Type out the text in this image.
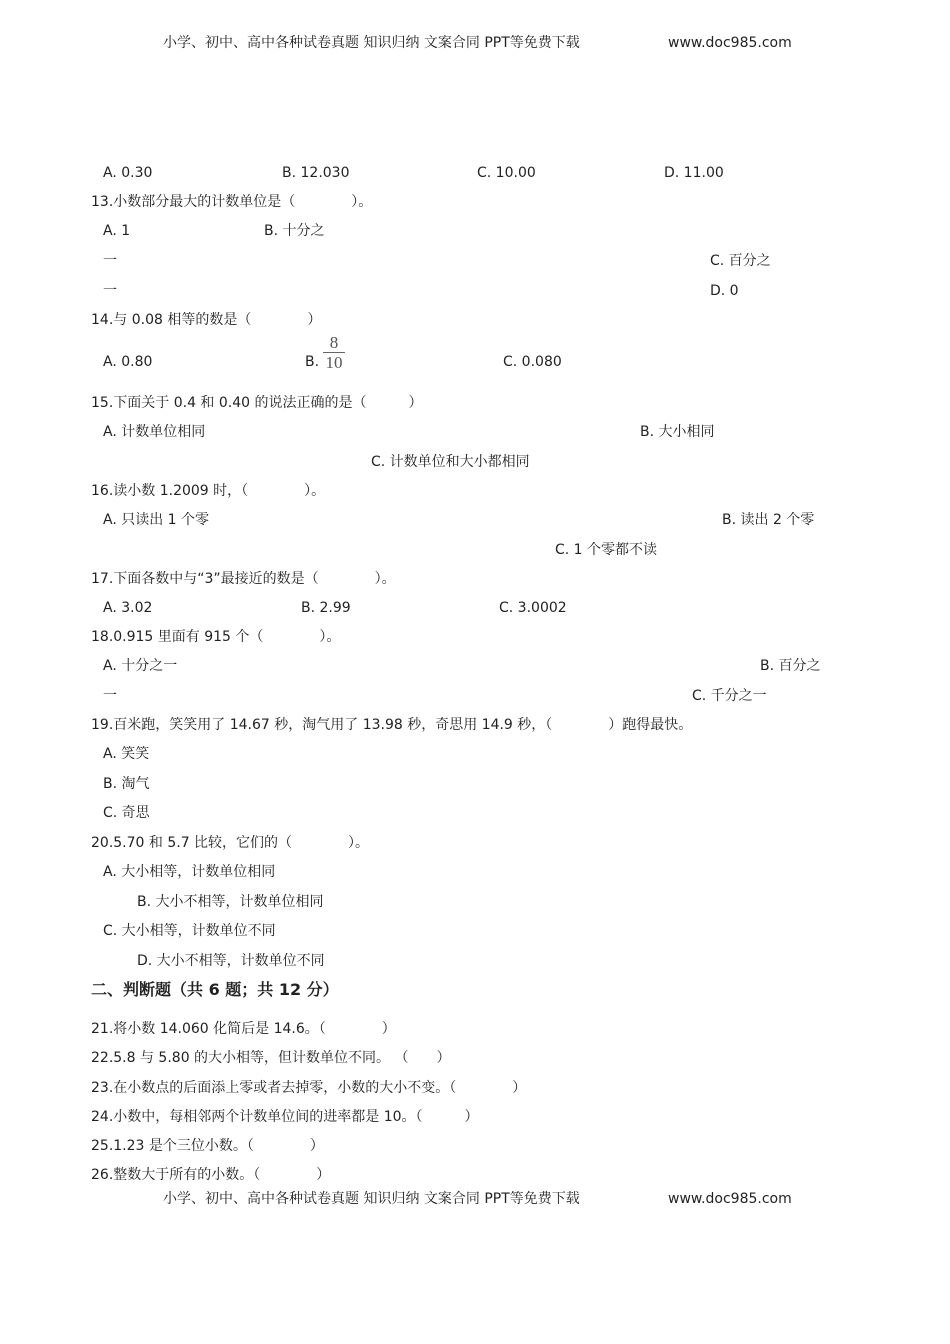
小学、初中、高中各种试卷真题 知识归纳 文案合同 PPT等免费下载	www.doc985.com
A. 0.30	B. 12.030	C. 10.00	D. 11.00
13.小数部分最大的计数单位是（　　　　）。
A. 1	B. 十分之
一	C. 百分之
一	D. 0
14.与 0.08 相等的数是（　　　　）
A. 0.80	B.
8
10	C. 0.080
15.下面关于 0.4 和 0.40 的说法正确的是（　　　）
A. 计数单位相同	B. 大小相同
C. 计数单位和大小都相同
16.读小数 1.2009 时，（　　　　）。
A. 只读出 1 个零	B. 读出 2 个零
C. 1 个零都不读
17.下面各数中与“3”最接近的数是（　　　　）。
A. 3.02	B. 2.99	C. 3.0002
18.0.915 里面有 915 个（　　　　）。
A. 十分之一	B. 百分之
一	C. 千分之一
19.百米跑，笑笑用了 14.67 秒，淘气用了 13.98 秒，奇思用 14.9 秒，（　　　　）跑得最快。
A. 笑笑
B. 淘气
C. 奇思
20.5.70 和 5.7 比较，它们的（　　　　）。
A. 大小相等，计数单位相同
B. 大小不相等，计数单位相同
C. 大小相等，计数单位不同
D. 大小不相等，计数单位不同
二、判断题（共 6 题；共 12 分）
21.将小数 14.060 化简后是 14.6。（　　　　）
22.5.8 与 5.80 的大小相等，但计数单位不同。 （　　）
23.在小数点的后面添上零或者去掉零，小数的大小不变。（　　　　）
24.小数中，每相邻两个计数单位间的进率都是 10。（　　　）
25.1.23 是个三位小数。（　　　　）
26.整数大于所有的小数。（　　　　）
小学、初中、高中各种试卷真题 知识归纳 文案合同 PPT等免费下载	www.doc985.com
